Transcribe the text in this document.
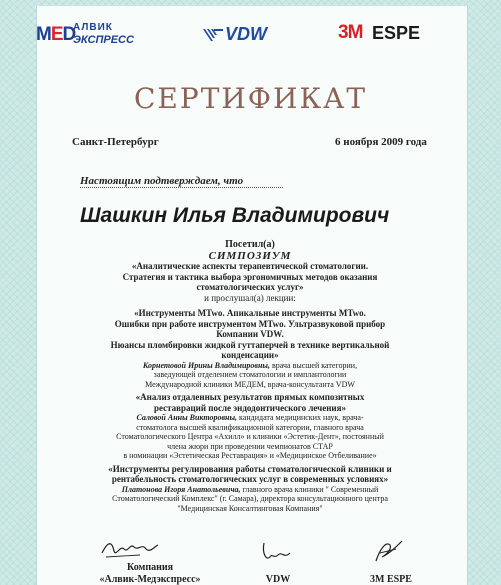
MED
АЛВИК
ЭКСПРЕСС	VDW	3M ESPE
СЕРТИФИКАТ
Санкт-Петербург	6 ноября 2009 года
Настоящим подтверждаем, что
Шашкин Илья Владимирович

Посетил(а)

СИМПОЗИУМ

«Аналитические аспекты терапевтической стоматологии.

Стратегия и тактика выбора эргономичных методов оказания

стоматологических услуг»

и прослушал(а) лекции:

«Инструменты MTwo. Апикальные инструменты MTwo.

Ошибки при работе инструментом MTwo. Ультразвуковой прибор

Компании VDW.

Нюансы пломбировки жидкой гуттаперчей в технике вертикальной

конденсации»

Корнетовой Ирины Владимировны, врача высшей категории,

заведующей отделением стоматологии и имплантологии

Международной клиники МЕДЕМ, врача-консультанта VDW

«Анализ отдаленных результатов прямых композитных

реставраций после эндодонтического лечения»

Саловой Анны Викторовны, кандидата медицинских наук, врача-

стоматолога высшей квалификационной категории, главного врача

Стоматологического Центра «Ахилл» и клиники «Эстетик-Дент», постоянный

члена жюри при проведении чемпионатов СТАР

в номинации «Эстетическая Реставрация» и «Медицинское Отбеливание»

«Инструменты регулирования работы стоматологической клиники и

рентабельность стоматологических услуг в современных условиях»

Платонова Игоря Анатольевича, главного врача клиники " Современный

Стоматологический Комплекс" (г. Самара), директора консультационного центра

"Медицинская Консалтинговая Компания"

Компания
«Алвик-Медэкспресс»	VDW	3M ESPE
